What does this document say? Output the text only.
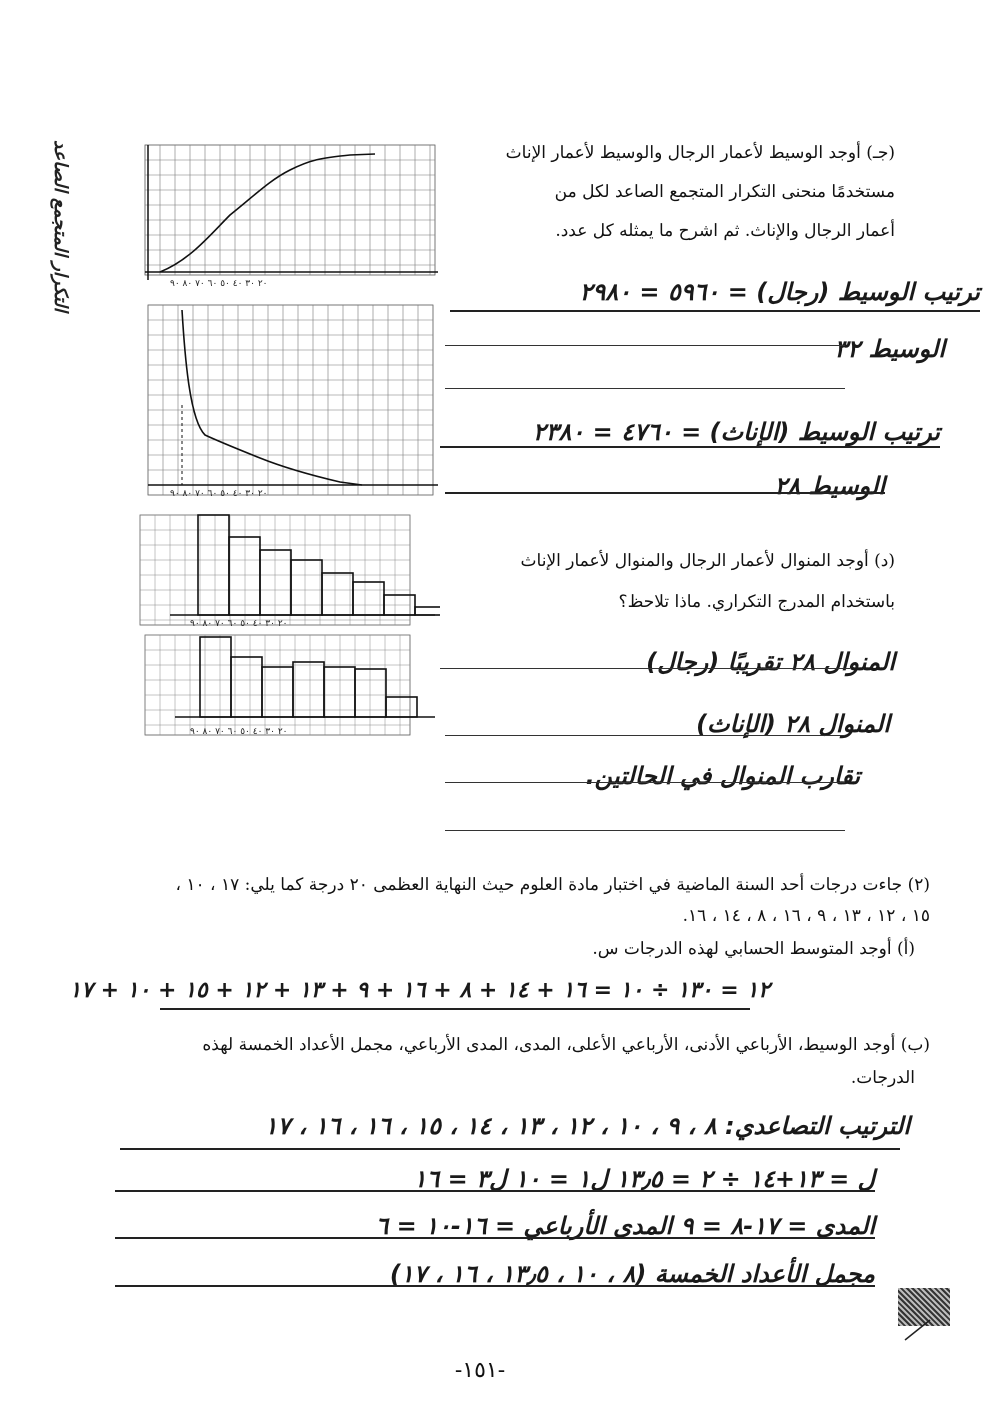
التكرار المتجمع الصاعد	٢٠ ٣٠ ٤٠ ٥٠ ٦٠ ٧٠ ٨٠ ٩٠
٢٠ ٣٠ ٤٠ ٥٠ ٦٠ ٧٠ ٨٠ ٩٠
٢٠ ٣٠ ٤٠ ٥٠ ٦٠ ٧٠ ٨٠ ٩٠
٢٠ ٣٠ ٤٠ ٥٠ ٦٠ ٧٠ ٨٠ ٩٠
(جـ) أوجد الوسيط لأعمار الرجال والوسيط لأعمار الإناث
مستخدمًا منحنى التكرار المتجمع الصاعد لكل من
أعمار الرجال والإناث. ثم اشرح ما يمثله كل عدد.
ترتيب الوسيط (رجال) = ٥٩٦٠ = ٢٩٨٠
الوسيط ٣٢
ترتيب الوسيط (الإناث) = ٤٧٦٠ = ٢٣٨٠
الوسيط ٢٨
(د) أوجد المنوال لأعمار الرجال والمنوال لأعمار الإناث
باستخدام المدرج التكراري. ماذا تلاحظ؟
المنوال ٢٨ تقريبًا (رجال)
المنوال ٢٨ (الإناث)
تقارب المنوال في الحالتين.
(٢) جاءت درجات أحد السنة الماضية في اختبار مادة العلوم حيث النهاية العظمى ٢٠ درجة كما يلي: ١٧ ، ١٠ ،
١٥ ، ١٢ ، ١٣ ، ٩ ، ١٦ ، ٨ ، ١٤ ، ١٦.
(أ) أوجد المتوسط الحسابي لهذه الدرجات س.
١٢ = ١٣٠ ÷ ١٠ = ١٦ + ١٤ + ٨ + ١٦ + ٩ + ١٣ + ١٢ + ١٥ + ١٠ + ١٧
(ب) أوجد الوسيط، الأرباعي الأدنى، الأرباعي الأعلى، المدى، المدى الأرباعي، مجمل الأعداد الخمسة لهذه
الدرجات.
الترتيب التصاعدي: ٨ ، ٩ ، ١٠ ، ١٢ ، ١٣ ، ١٤ ، ١٥ ، ١٦ ، ١٦ ، ١٧
ل = ١٣+١٤ ÷ ٢ = ١٣٫٥ ل١ = ١٠ ل٣ = ١٦
المدى = ١٧-٨ = ٩ المدى الأرباعي = ١٦-١٠ = ٦
مجمل الأعداد الخمسة (٨ ، ١٠ ، ١٣٫٥ ، ١٦ ، ١٧)
-١٥١-
